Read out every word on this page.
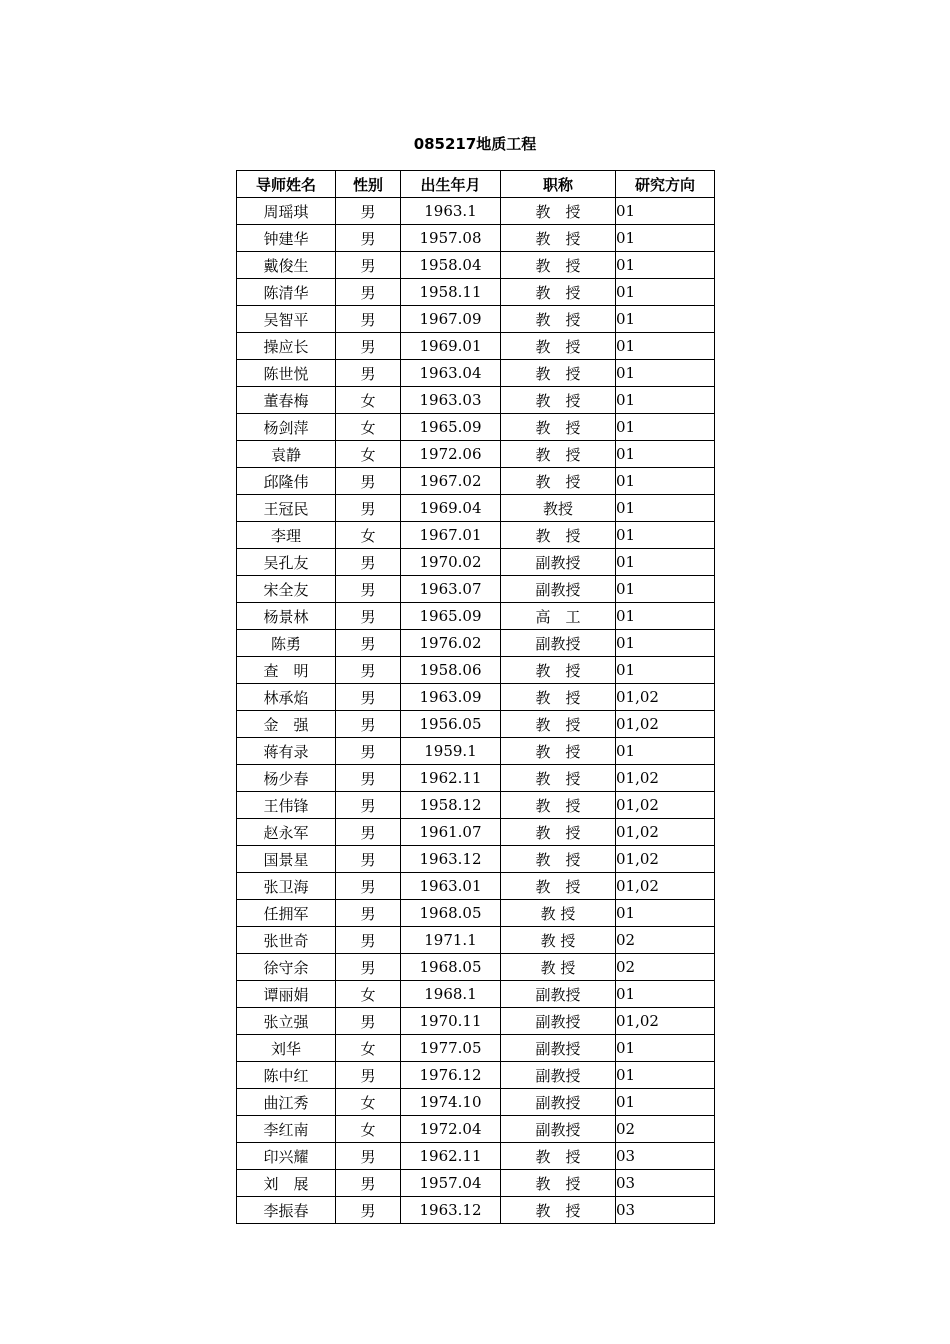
085217地质工程
导师姓名	性别	出生年月	职称	研究方向
周瑶琪	男	1963.1	教　授	01
钟建华	男	1957.08	教　授	01
戴俊生	男	1958.04	教　授	01
陈清华	男	1958.11	教　授	01
吴智平	男	1967.09	教　授	01
操应长	男	1969.01	教　授	01
陈世悦	男	1963.04	教　授	01
董春梅	女	1963.03	教　授	01
杨剑萍	女	1965.09	教　授	01
袁静	女	1972.06	教　授	01
邱隆伟	男	1967.02	教　授	01
王冠民	男	1969.04	教授	01
李理	女	1967.01	教　授	01
吴孔友	男	1970.02	副教授	01
宋全友	男	1963.07	副教授	01
杨景林	男	1965.09	高　工	01
陈勇	男	1976.02	副教授	01
查　明	男	1958.06	教　授	01
林承焰	男	1963.09	教　授	01,02
金　强	男	1956.05	教　授	01,02
蒋有录	男	1959.1	教　授	01
杨少春	男	1962.11	教　授	01,02
王伟锋	男	1958.12	教　授	01,02
赵永军	男	1961.07	教　授	01,02
国景星	男	1963.12	教　授	01,02
张卫海	男	1963.01	教　授	01,02
任拥军	男	1968.05	教 授	01
张世奇	男	1971.1	教 授	02
徐守余	男	1968.05	教 授	02
谭丽娟	女	1968.1	副教授	01
张立强	男	1970.11	副教授	01,02
刘华	女	1977.05	副教授	01
陈中红	男	1976.12	副教授	01
曲江秀	女	1974.10	副教授	01
李红南	女	1972.04	副教授	02
印兴耀	男	1962.11	教　授	03
刘　展	男	1957.04	教　授	03
李振春	男	1963.12	教　授	03
